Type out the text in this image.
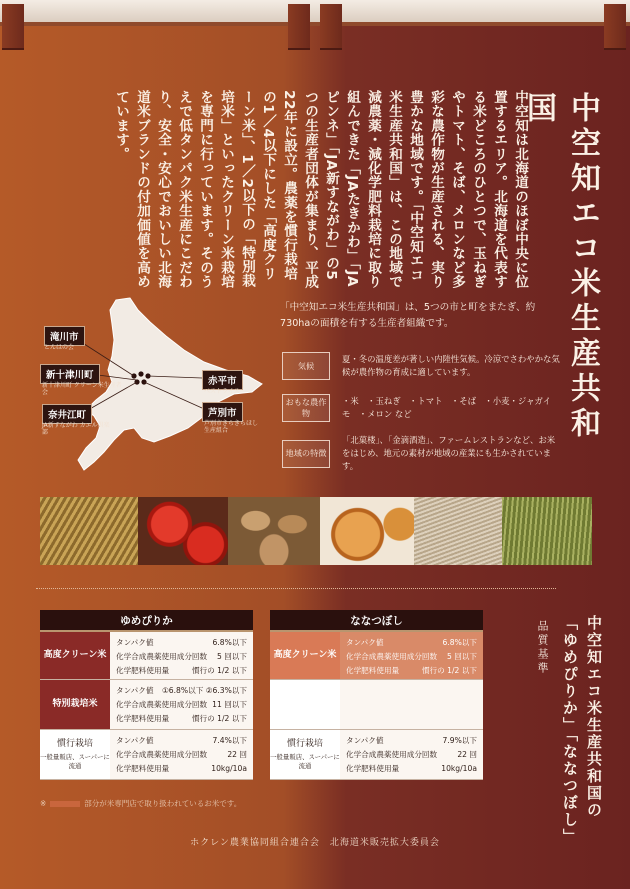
中空知エコ米生産共和国
中空知は北海道のほぼ中央に位置するエリア。北海道を代表する米どころのひとつで、玉ねぎやトマト、そば、メロンなど多彩な農作物が生産される、実り豊かな地域です。「中空知エコ米生産共和国」は、この地域で減農薬・減化学肥料栽培に取り組んできた「JAたきかわ」「JAピンネ」「JA新すながわ」の5つの生産者団体が集まり、平成22年に設立。農薬を慣行栽培の1／4以下にした「高度クリーン米」、1／2以下の「特別栽培米」といったクリーン米栽培を専門に行っています。そのうえで低タンパク米生産にこだわり、安全・安心でおいしい北海道米ブランドの付加価値を高めています。
滝川市
とんはの会
新十津川町
新十津川町 クリーン米生産者会
奈井江町
JA新すながわ カエル倶楽部
赤平市
ベストライス
芦別市
芦別市きらきらほし 生産組合
「中空知エコ米生産共和国」は、5つの市と町をまたぎ、約730haの面積を有する生産者組織です。
気候
夏・冬の温度差が著しい内陸性気候。冷涼でさわやかな気候が農作物の育成に適しています。
おもな農作物
・米　・玉ねぎ　・トマト　・そば　・小麦・ジャガイモ　・メロン など
地域の特徴
「北菓楼」、「金滴酒造」、ファームレストランなど、お米をはじめ、地元の素材が地域の産業にも生かされています。
ゆめぴりか
高度クリーン米
タンパク値	6.8%以下
化学合成農薬使用成分回数 5 回以下
化学肥料使用量	慣行の 1/2 以下
特別栽培米
タンパク値 ①6.8%以下 ②6.3%以下
化学合成農薬使用成分回数 11 回以下
化学肥料使用量	慣行の 1/2 以下
慣行栽培
一般量販店、スーパーに流通
タンパク値	7.4%以下
化学合成農薬使用成分回数	22 回
化学肥料使用量	10kg/10a
ななつぼし
高度クリーン米
タンパク値	6.8%以下
化学合成農薬使用成分回数 5 回以下
化学肥料使用量	慣行の 1/2 以下
慣行栽培
一般量販店、スーパーに流通
タンパク値	7.9%以下
化学合成農薬使用成分回数	22 回
化学肥料使用量	10kg/10a
品質基準	中空知エコ米生産共和国の「ゆめぴりか」「ななつぼし」
※	部分が米専門店で取り扱われているお米です。
ホクレン農業協同組合連合会　北海道米販売拡大委員会
